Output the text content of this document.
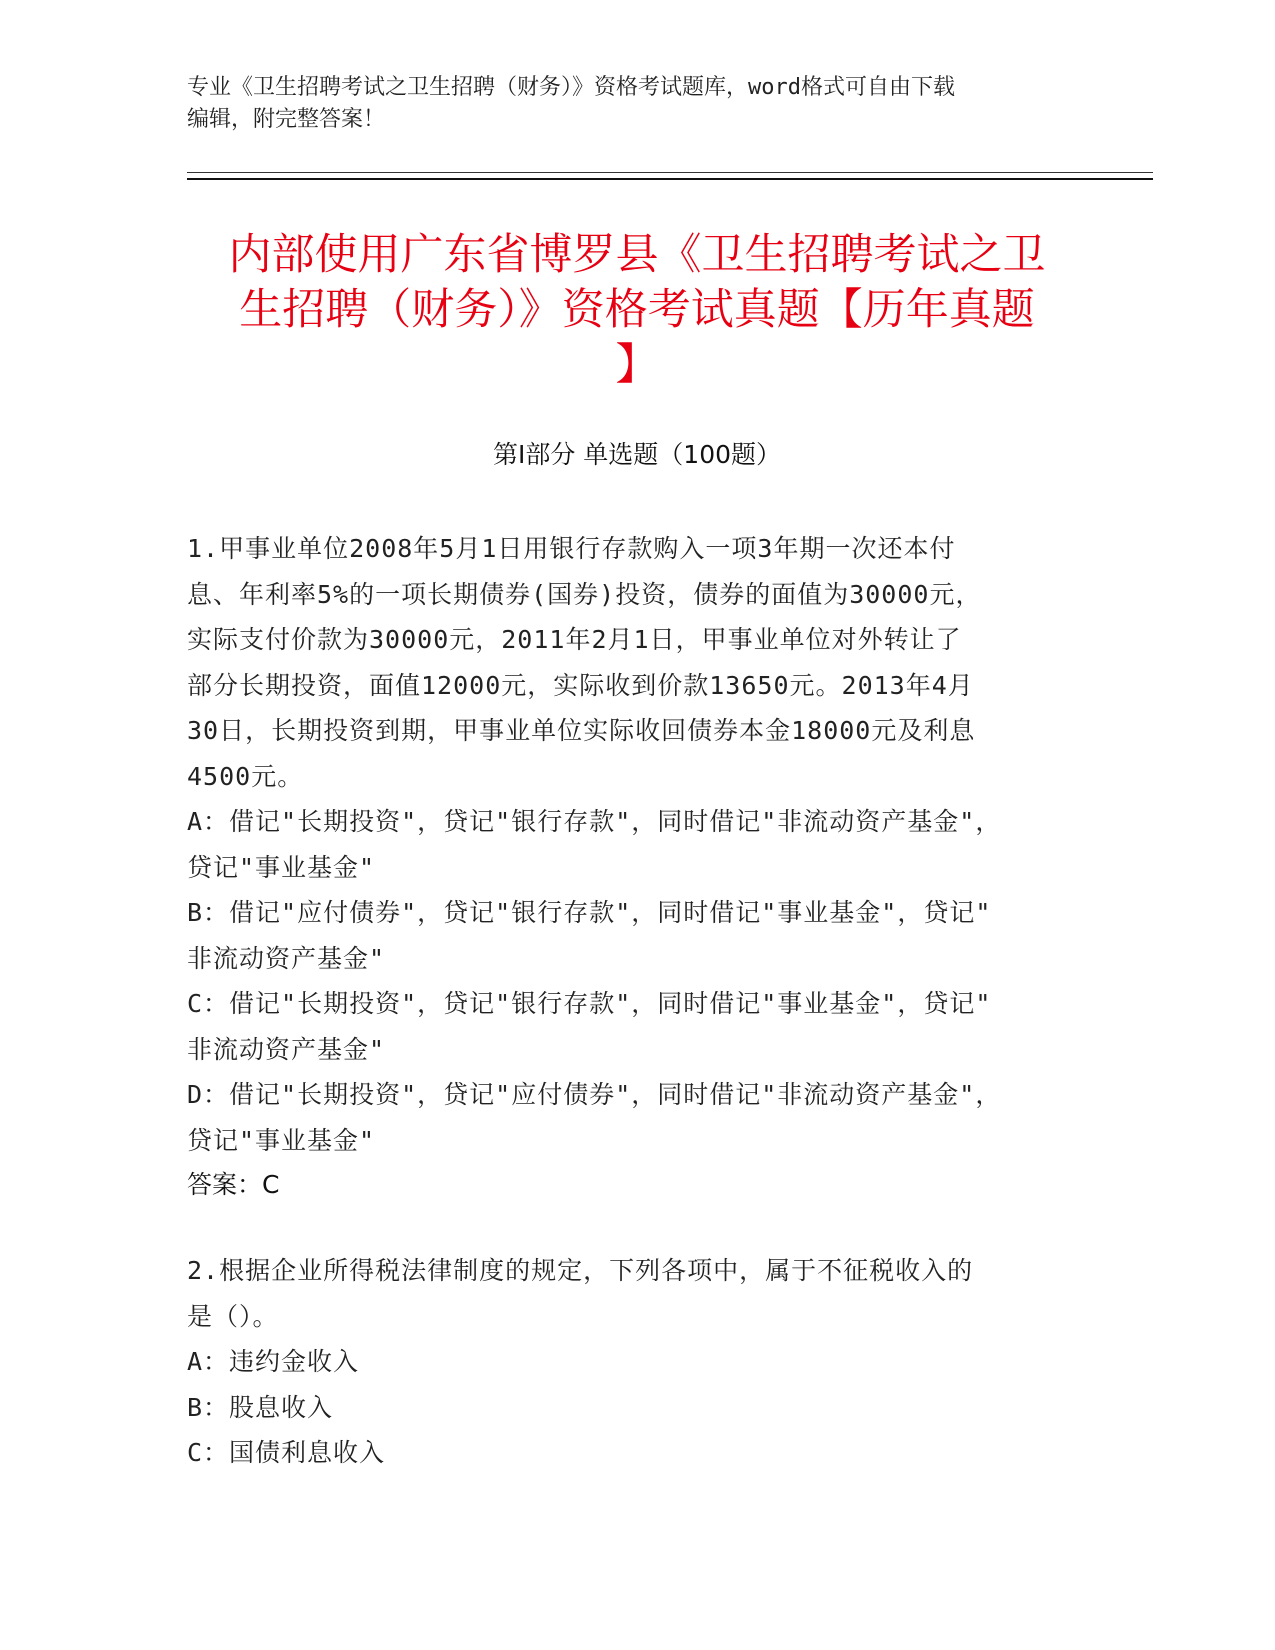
专业《卫生招聘考试之卫生招聘（财务）》资格考试题库，word格式可自由下载
编辑，附完整答案！
内部使用广东省博罗县《卫生招聘考试之卫
生招聘（财务）》资格考试真题【历年真题
】
第Ⅰ部分 单选题（100题）
1.甲事业单位2008年5月1日用银行存款购入一项3年期一次还本付
息、年利率5%的一项长期债券(国券)投资，债券的面值为30000元，
实际支付价款为30000元，2011年2月1日，甲事业单位对外转让了
部分长期投资，面值12000元，实际收到价款13650元。2013年4月
30日，长期投资到期，甲事业单位实际收回债券本金18000元及利息
4500元。
A：借记"长期投资"，贷记"银行存款"，同时借记"非流动资产基金"，
贷记"事业基金"
B：借记"应付债券"，贷记"银行存款"，同时借记"事业基金"，贷记"
非流动资产基金"
C：借记"长期投资"，贷记"银行存款"，同时借记"事业基金"，贷记"
非流动资产基金"
D：借记"长期投资"，贷记"应付债券"，同时借记"非流动资产基金"，
贷记"事业基金"
答案：C
2.根据企业所得税法律制度的规定，下列各项中，属于不征税收入的
是（）。
A：违约金收入
B：股息收入
C：国债利息收入
